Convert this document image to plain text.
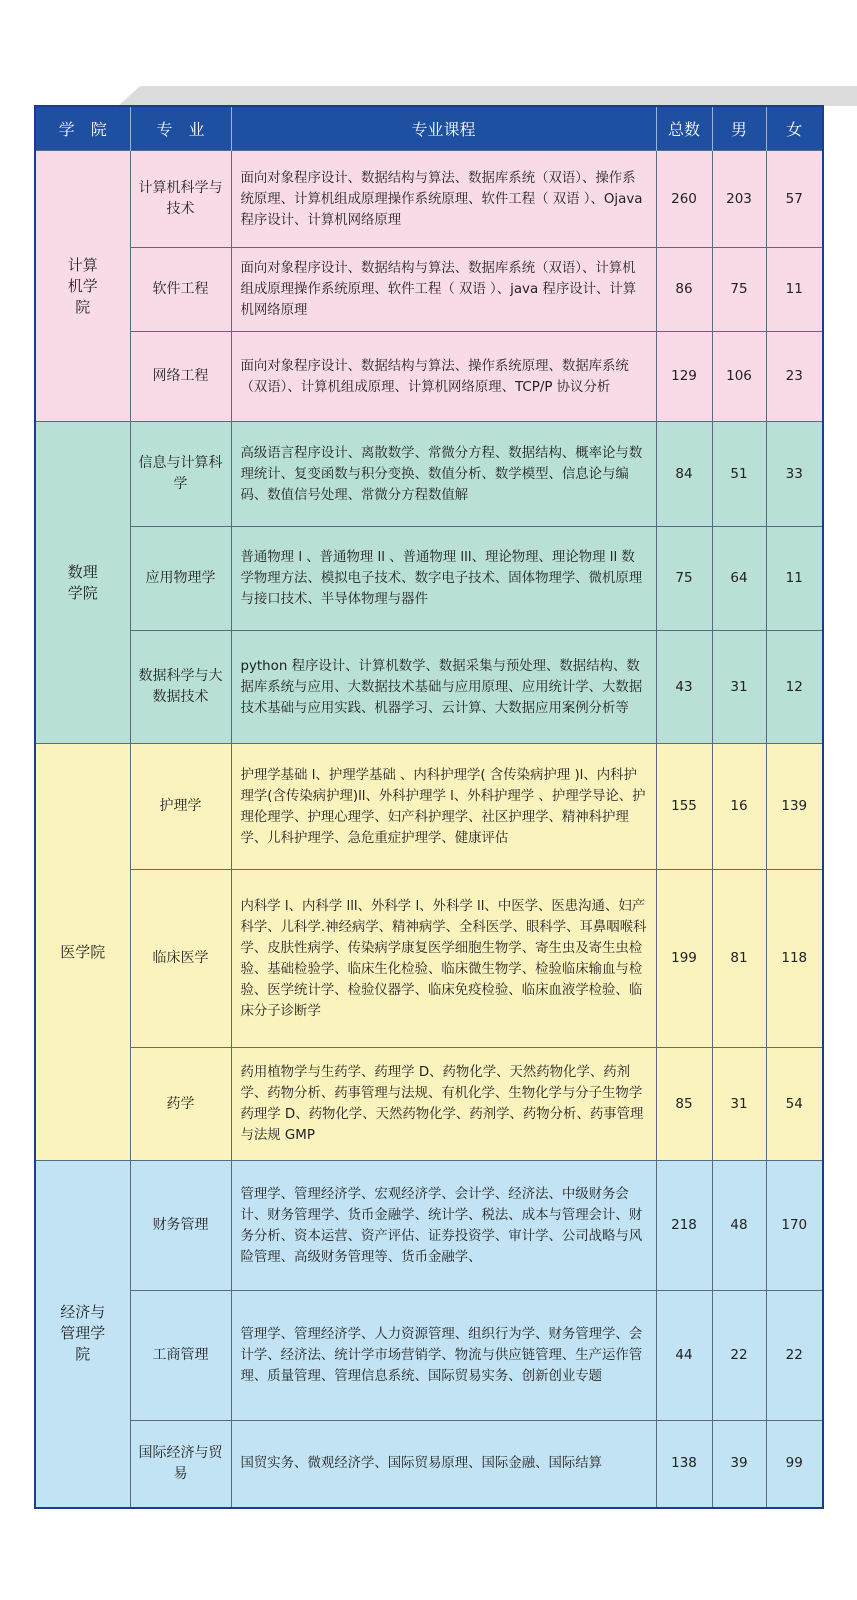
学　院	专　业	专业课程	总数	男	女

计算机学院	计算机科学与技术	面向对象程序设计、数据结构与算法、数据库系统（双语）、操作系统原理、计算机组成原理操作系统原理、软件工程（ 双语 ）、Ojava 程序设计、计算机网络原理	260	203	57
	软件工程	面向对象程序设计、数据结构与算法、数据库系统（双语）、计算机组成原理操作系统原理、软件工程（ 双语 ）、java 程序设计、计算机网络原理	86	75	11
	网络工程	面向对象程序设计、数据结构与算法、操作系统原理、数据库系统（双语）、计算机组成原理、计算机网络原理、TCP/P 协议分析	129	106	23

数理学院	信息与计算科学	高级语言程序设计、离散数学、常微分方程、数据结构、概率论与数理统计、复变函数与积分变换、数值分析、数学模型、信息论与编码、数值信号处理、常微分方程数值解	84	51	33
	应用物理学	普通物理 l 、普通物理 ll 、普通物理 lll、理论物理、理论物理 ll 数学物理方法、模拟电子技术、数字电子技术、固体物理学、微机原理与接口技术、半导体物理与器件	75	64	11
	数据科学与大数据技术	python 程序设计、计算机数学、数据采集与预处理、数据结构、数据库系统与应用、大数据技术基础与应用原理、应用统计学、大数据技术基础与应用实践、机器学习、云计算、大数据应用案例分析等	43	31	12

医学院	护理学	护理学基础 l、护理学基础 、内科护理学( 含传染病护理 )l、内科护理学(含传染病护理)ll、外科护理学 l、外科护理学 、护理学导论、护理伦理学、护理心理学、妇产科护理学、社区护理学、精神科护理学、儿科护理学、急危重症护理学、健康评估	155	16	139
	临床医学	内科学 l、内科学 lll、外科学 l、外科学 ll、中医学、医患沟通、妇产科学、儿科学.神经病学、精神病学、全科医学、眼科学、耳鼻咽喉科学、皮肤性病学、传染病学康复医学细胞生物学、寄生虫及寄生虫检验、基础检验学、临床生化检验、临床微生物学、检验临床输血与检验、医学统计学、检验仪器学、临床免疫检验、临床血液学检验、临床分子诊断学	199	81	118
	药学	药用植物学与生药学、药理学 D、药物化学、天然药物化学、药剂学、药物分析、药事管理与法规、有机化学、生物化学与分子生物学药理学 D、药物化学、天然药物化学、药剂学、药物分析、药事管理与法规 GMP	85	31	54

经济与管理学院	财务管理	管理学、管理经济学、宏观经济学、会计学、经济法、中级财务会计、财务管理学、货币金融学、统计学、税法、成本与管理会计、财务分析、资本运营、资产评估、证券投资学、审计学、公司战略与风险管理、高级财务管理等、货币金融学、	218	48	170
	工商管理	管理学、管理经济学、人力资源管理、组织行为学、财务管理学、会计学、经济法、统计学市场营销学、物流与供应链管理、生产运作管理、质量管理、管理信息系统、国际贸易实务、创新创业专题	44	22	22
	国际经济与贸易	国贸实务、微观经济学、国际贸易原理、国际金融、国际结算	138	39	99
